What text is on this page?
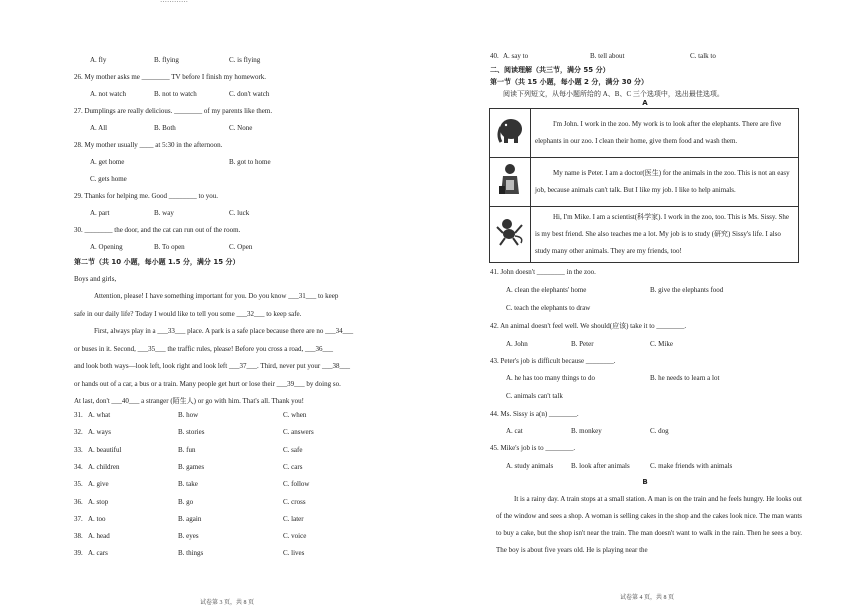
…………
A. fly	B. flying	C. is flying
26. My mother asks me ________ TV before I finish my homework.
A. not watch	B. not to watch	C. don't watch
27. Dumplings are really delicious. ________ of my parents like them.
A. All	B. Both	C. None
28. My mother usually ____ at 5:30 in the afternoon.
A. get home	B. got to home
C. gets home
29. Thanks for helping me. Good ________ to you.
A. part	B. way	C. luck
30. ________ the door, and the cat can run out of the room.
A. Opening	B. To open	C. Open
第二节（共 10 小题，每小题 1.5 分，满分 15 分）
Boys and girls,
Attention, please! I have something important for you. Do you know ___31___ to keep
safe in our daily life? Today I would like to tell you some ___32___ to keep safe.
First, always play in a ___33___ place. A park is a safe place because there are no ___34___
or buses in it. Second, ___35___ the traffic rules, please! Before you cross a road, ___36___
and look both ways—look left, look right and look left ___37___. Third, never put your ___38___
or hands out of a car, a bus or a train. Many people get hurt or lose their ___39___ by doing so.
At last, don't ___40___ a stranger (陌生人) or go with him. That's all. Thank you!
31. A. what	B. how	C. when
32. A. ways	B. stories	C. answers
33. A. beautiful	B. fun	C. safe
34. A. children	B. games	C. cars
35. A. give	B. take	C. follow
36. A. stop	B. go	C. cross
37. A. too	B. again	C. later
38. A. head	B. eyes	C. voice
39. A. cars	B. things	C. lives
试卷第 3 页，共 8 页
40. A. say to	B. tell about	C. talk to
二、阅读理解（共三节，满分 55 分）
第一节（共 15 小题，每小题 2 分，满分 30 分）
阅读下列短文，从每小题所给的 A、B、C 三个选项中，选出最佳选项。
A
	I'm John. I work in the zoo. My work is to look after the elephants. There are five elephants in our zoo. I clean their home, give them food and wash them.
	My name is Peter. I am a doctor(医生) for the animals in the zoo. This is not an easy job, because animals can't talk. But I like my job. I like to help animals.
	Hi, I'm Mike. I am a scientist(科学家). I work in the zoo, too. This is Ms. Sissy. She is my best friend. She also teaches me a lot. My job is to study (研究) Sissy's life. I also study many other animals. They are my friends, too!
41. John doesn't ________ in the zoo.
A. clean the elephants' home	B. give the elephants food
C. teach the elephants to draw
42. An animal doesn't feel well. We should(应该) take it to ________.
A. John	B. Peter	C. Mike
43. Peter's job is difficult because ________.
A. he has too many things to do	B. he needs to learn a lot
C. animals can't talk
44. Ms. Sissy is a(n) ________.
A. cat	B. monkey	C. dog
45. Mike's job is to ________.
A. study animals	B. look after animals	C. make friends with animals
B
It is a rainy day. A train stops at a small station. A man is on the train and he feels hungry. He looks out of the window and sees a shop. A woman is selling cakes in the shop and the cakes look nice. The man wants to buy a cake, but the shop isn't near the train. The man doesn't want to walk in the rain. Then he sees a boy. The boy is about five years old. He is playing near the
试卷第 4 页，共 8 页
